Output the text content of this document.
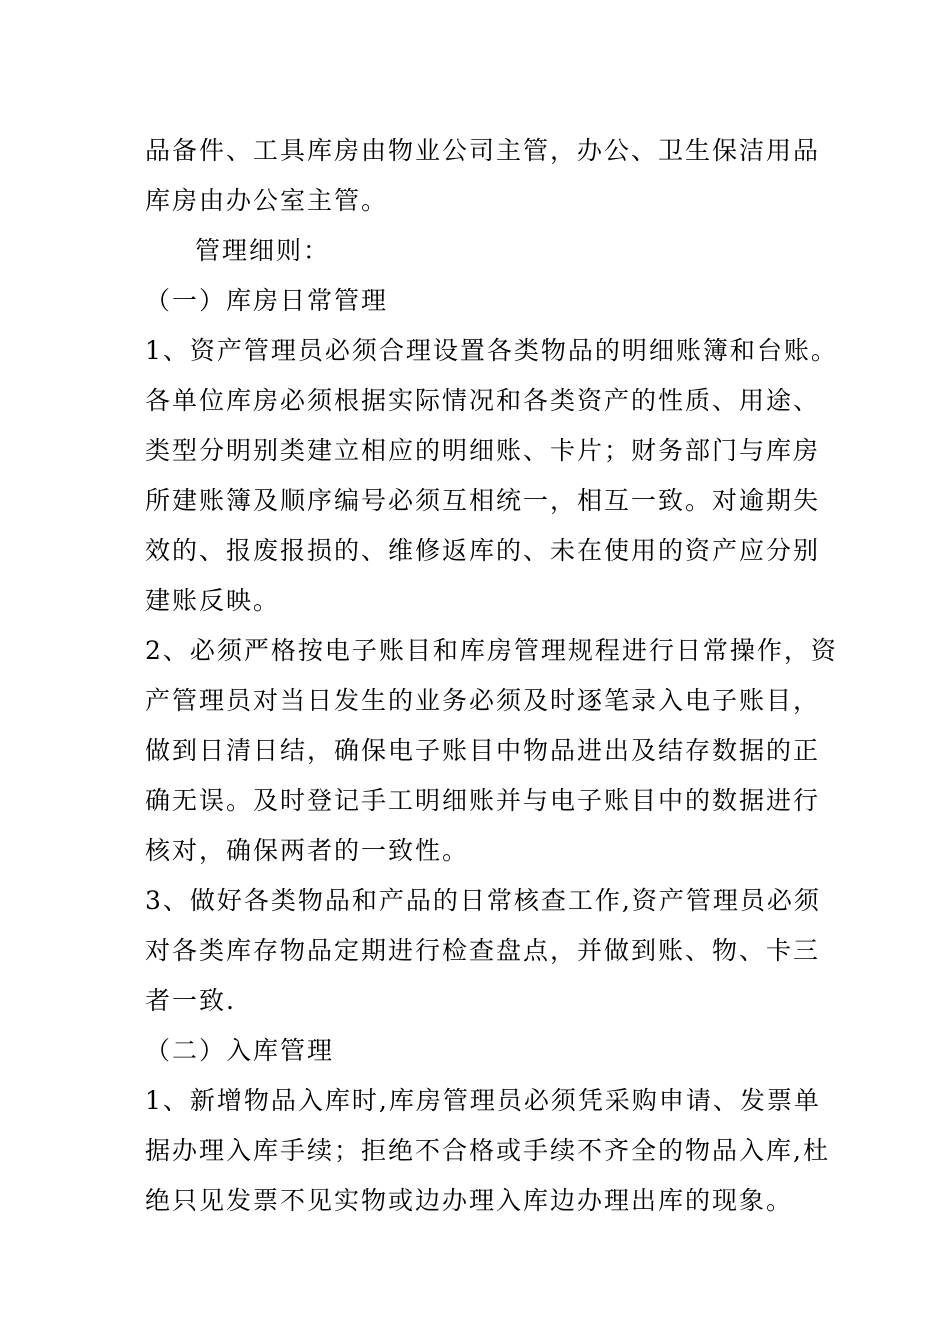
品备件、工具库房由物业公司主管，办公、卫生保洁用品
库房由办公室主管。
管理细则：
（一）库房日常管理
1、资产管理员必须合理设置各类物品的明细账簿和台账。
各单位库房必须根据实际情况和各类资产的性质、用途、
类型分明别类建立相应的明细账、卡片；财务部门与库房
所建账簿及顺序编号必须互相统一，相互一致。对逾期失
效的、报废报损的、维修返库的、未在使用的资产应分别
建账反映。
2、必须严格按电子账目和库房管理规程进行日常操作，资
产管理员对当日发生的业务必须及时逐笔录入电子账目，
做到日清日结，确保电子账目中物品进出及结存数据的正
确无误。及时登记手工明细账并与电子账目中的数据进行
核对，确保两者的一致性。
3、做好各类物品和产品的日常核查工作,资产管理员必须
对各类库存物品定期进行检查盘点，并做到账、物、卡三
者一致.
（二）入库管理
1、新增物品入库时,库房管理员必须凭采购申请、发票单
据办理入库手续；拒绝不合格或手续不齐全的物品入库,杜
绝只见发票不见实物或边办理入库边办理出库的现象。
